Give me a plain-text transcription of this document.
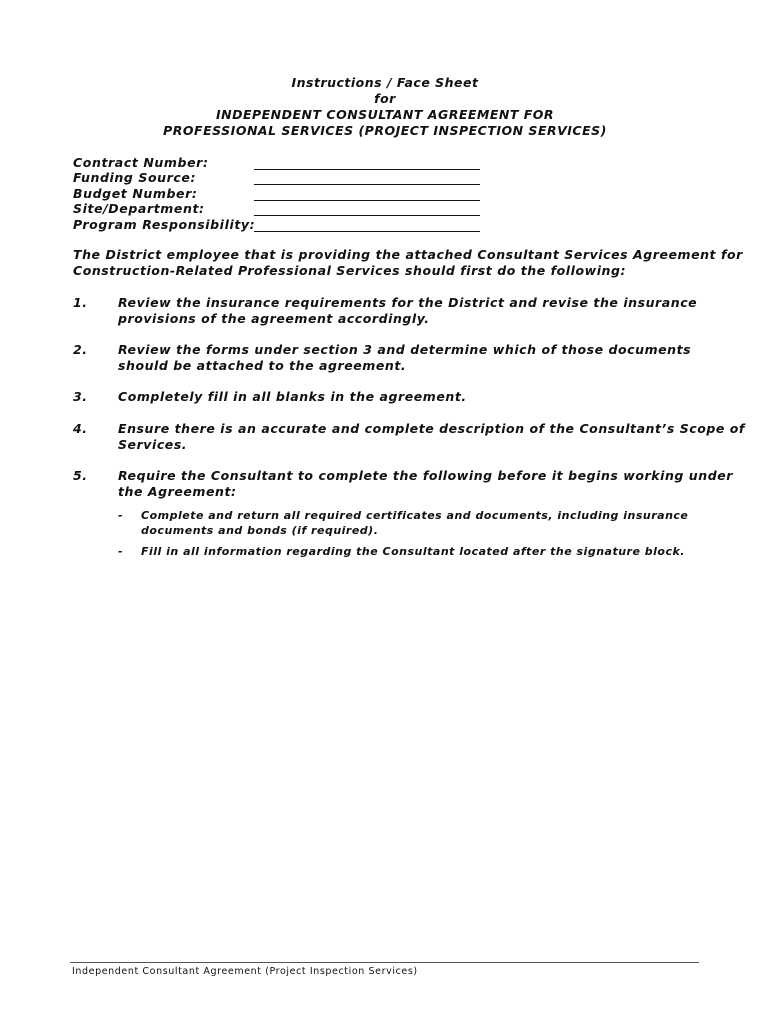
Instructions / Face Sheet
for
INDEPENDENT CONSULTANT AGREEMENT FOR
PROFESSIONAL SERVICES (PROJECT INSPECTION SERVICES)
Contract Number:
Funding Source:
Budget Number:
Site/Department:
Program Responsibility:
The District employee that is providing the attached Consultant Services Agreement for
Construction-Related Professional Services should first do the following:
1. Review the insurance requirements for the District and revise the insurance
provisions of the agreement accordingly.
2. Review the forms under section 3 and determine which of those documents
should be attached to the agreement.
3. Completely fill in all blanks in the agreement.
4. Ensure there is an accurate and complete description of the Consultant’s Scope of
Services.
5. Require the Consultant to complete the following before it begins working under
the Agreement:
- Complete and return all required certificates and documents, including insurance
documents and bonds (if required).
- Fill in all information regarding the Consultant located after the signature block.
Independent Consultant Agreement (Project Inspection Services)
